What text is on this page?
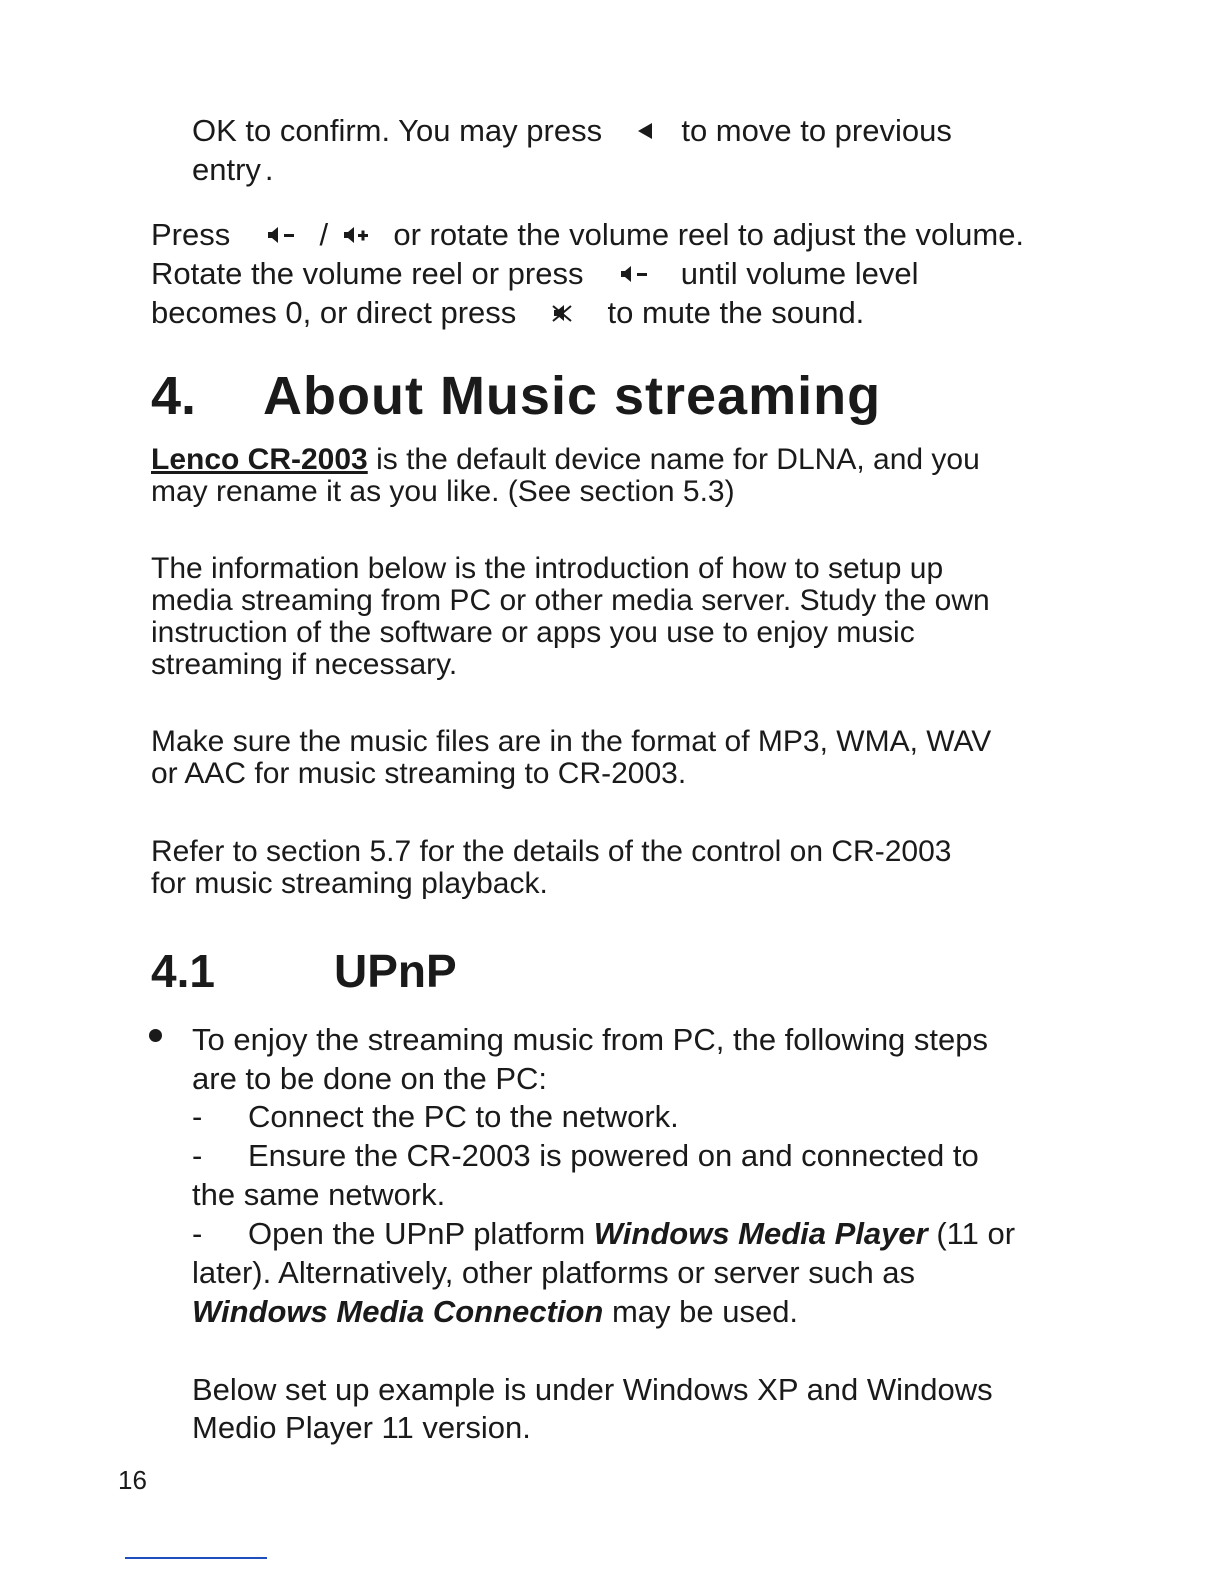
OK to confirm. You may press	to move to previous
entry .
Press	/ or rotate the volume reel to adjust the volume.
Rotate the volume reel or press	until volume level
becomes 0, or direct press	to mute the sound.
4. About Music streaming
Lenco CR-2003 is the default device name for DLNA, and you
may rename it as you like. (See section 5.3)
The information below is the introduction of how to setup up
media streaming from PC or other media server. Study the own
instruction of the software or apps you use to enjoy music
streaming if necessary.
Make sure the music files are in the format of MP3, WMA, WAV
or AAC for music streaming to CR-2003.
Refer to section 5.7 for the details of the control on CR-2003
for music streaming playback.
4.1	UPnP
To enjoy the streaming music from PC, the following steps
are to be done on the PC:
- Connect the PC to the network.
- Ensure the CR-2003 is powered on and connected to
the same network.
- Open the UPnP platform Windows Media Player (11 or
later). Alternatively, other platforms or server such as
Windows Media Connection may be used.
Below set up example is under Windows XP and Windows
Medio Player 11 version.
16
